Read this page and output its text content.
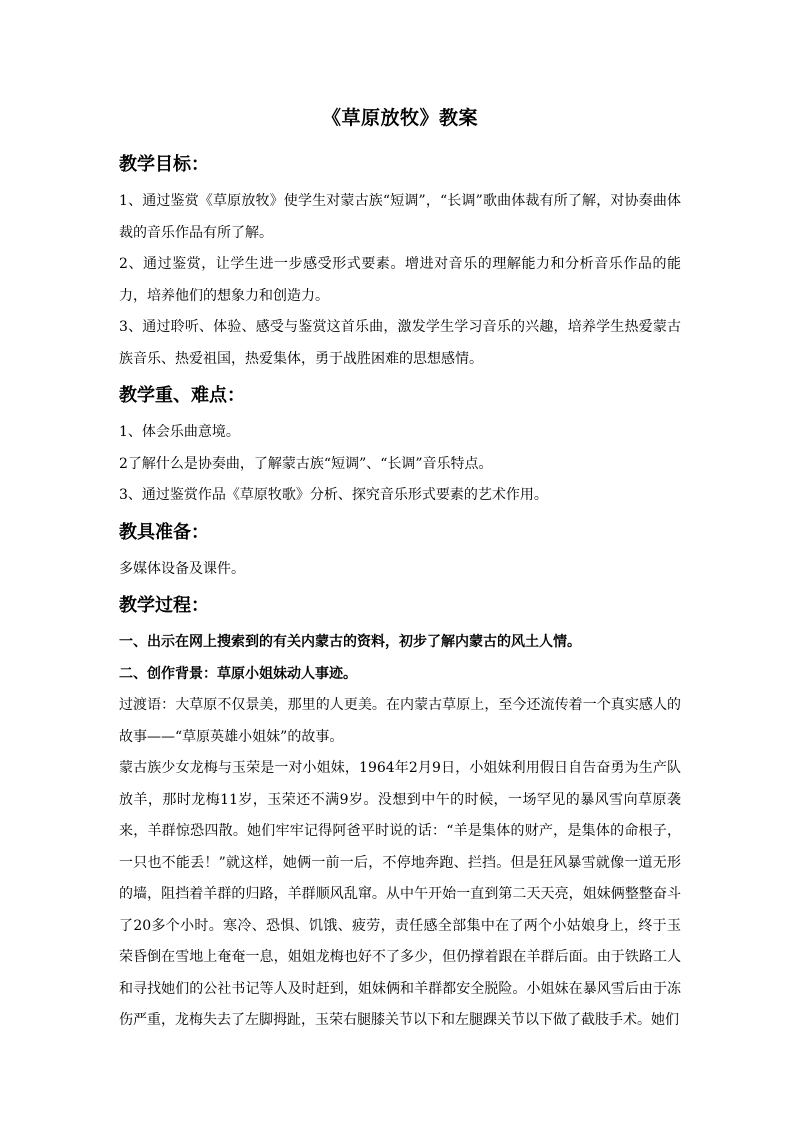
《草原放牧》教案
教学目标：

1、通过鉴赏《草原放牧》使学生对蒙古族“短调”，“长调”歌曲体裁有所了解，对协奏曲体裁的音乐作品有所了解。

2、通过鉴赏，让学生进一步感受形式要素。增进对音乐的理解能力和分析音乐作品的能力，培养他们的想象力和创造力。

3、通过聆听、体验、感受与鉴赏这首乐曲，激发学生学习音乐的兴趣，培养学生热爱蒙古族音乐、热爱祖国，热爱集体，勇于战胜困难的思想感情。

教学重、难点：

1、体会乐曲意境。

2了解什么是协奏曲，了解蒙古族“短调”、“长调”音乐特点。

3、通过鉴赏作品《草原牧歌》分析、探究音乐形式要素的艺术作用。

教具准备：

多媒体设备及课件。

教学过程：

一、出示在网上搜索到的有关内蒙古的资料，初步了解内蒙古的风土人情。

二、创作背景：草原小姐妹动人事迹。

过渡语：大草原不仅景美，那里的人更美。在内蒙古草原上，至今还流传着一个真实感人的故事——“草原英雄小姐妹”的故事。

蒙古族少女龙梅与玉荣是一对小姐妹，1964年2月9日，小姐妹利用假日自告奋勇为生产队放羊，那时龙梅11岁，玉荣还不满9岁。没想到中午的时候，一场罕见的暴风雪向草原袭来，羊群惊恐四散。她们牢牢记得阿爸平时说的话：“羊是集体的财产，是集体的命根子，一只也不能丢！”就这样，她俩一前一后，不停地奔跑、拦挡。但是狂风暴雪就像一道无形的墙，阻挡着羊群的归路，羊群顺风乱窜。从中午开始一直到第二天天亮，姐妹俩整整奋斗了20多个小时。寒冷、恐惧、饥饿、疲劳，责任感全部集中在了两个小姑娘身上，终于玉荣昏倒在雪地上奄奄一息，姐姐龙梅也好不了多少，但仍撑着跟在羊群后面。由于铁路工人和寻找她们的公社书记等人及时赶到，姐妹俩和羊群都安全脱险。小姐妹在暴风雪后由于冻伤严重，龙梅失去了左脚拇趾，玉荣右腿膝关节以下和左腿踝关节以下做了截肢手术。她们
